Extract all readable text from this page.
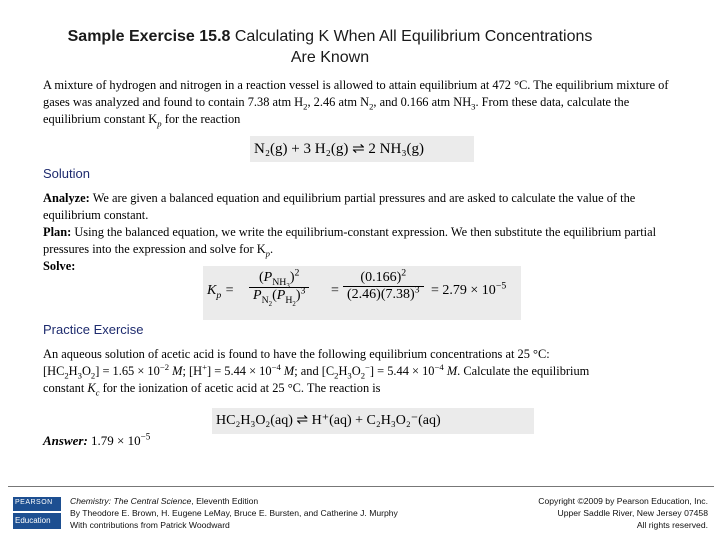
Sample Exercise 15.8 Calculating K When All Equilibrium Concentrations
Are Known
A mixture of hydrogen and nitrogen in a reaction vessel is allowed to attain equilibrium at 472 °C. The equilibrium mixture of gases was analyzed and found to contain 7.38 atm $H_2$, 2.46 atm $N_2$, and 0.166 atm $NH_3$. From these data, calculate the equilibrium constant $K_p$ for the reaction
N₂(g) + 3 H₂(g) ⇌ 2 NH₃(g)
Solution
Analyze: We are given a balanced equation and equilibrium partial pressures and are asked to calculate the value of the equilibrium constant.
Plan: Using the balanced equation, we write the equilibrium-constant expression. We then substitute the equilibrium partial pressures into the expression and solve for $K_p$.
Solve:
$K_p = \frac{(P_{NH_3})^2}{P_{N_2}(P_{H_2})^3} = \frac{(0.166)^2}{(2.46)(7.38)^3} = 2.79 \times 10^{-5}$
Practice Exercise
An aqueous solution of acetic acid is found to have the following equilibrium concentrations at 25 °C:
$[HC_2H_3O_2] = 1.65 \times 10^{-2}$ M; $[H^+] = 5.44 \times 10^{-4}$ M; and $[C_2H_3O_2^-] = 5.44 \times 10^{-4}$ M. Calculate the equilibrium
constant $K_c$ for the ionization of acetic acid at 25 °C. The reaction is
HC₂H₃O₂(aq) ⇌ H⁺(aq) + C₂H₃O₂⁻(aq)
Answer: $1.79 \times 10^{-5}$
PEARSON
Education
Chemistry: The Central Science, Eleventh Edition
By Theodore E. Brown, H. Eugene LeMay, Bruce E. Bursten, and Catherine J. Murphy
With contributions from Patrick Woodward
Copyright ©2009 by Pearson Education, Inc.
Upper Saddle River, New Jersey 07458
All rights reserved.
